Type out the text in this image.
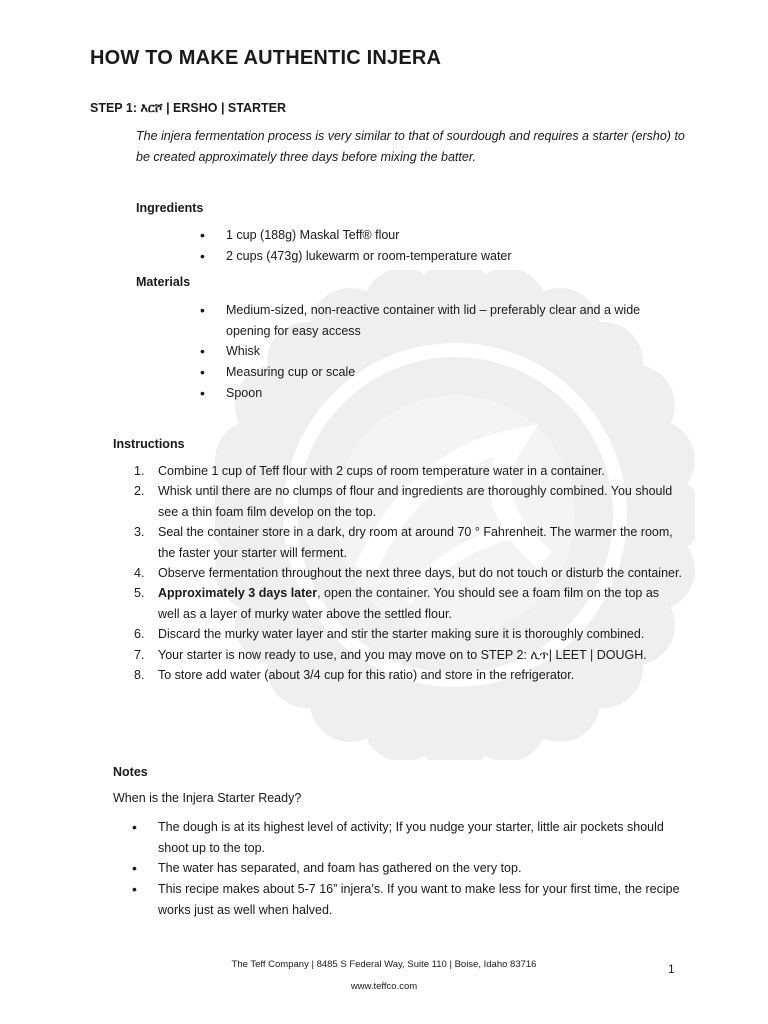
HOW TO MAKE AUTHENTIC INJERA
STEP 1: እርሾ | ERSHO | STARTER

The injera fermentation process is very similar to that of sourdough and requires a starter (ersho) to be created approximately three days before mixing the batter.

Ingredients
• 1 cup (188g) Maskal Teff® flour
• 2 cups (473g) lukewarm or room-temperature water
Materials
• Medium-sized, non-reactive container with lid – preferably clear and a wide opening for easy access
• Whisk
• Measuring cup or scale
• Spoon
Instructions
1. Combine 1 cup of Teff flour with 2 cups of room temperature water in a container.
2. Whisk until there are no clumps of flour and ingredients are thoroughly combined. You should see a thin foam film develop on the top.
3. Seal the container store in a dark, dry room at around 70 ° Fahrenheit. The warmer the room, the faster your starter will ferment.
4. Observe fermentation throughout the next three days, but do not touch or disturb the container.
5. Approximately 3 days later, open the container. You should see a foam film on the top as well as a layer of murky water above the settled flour.
6. Discard the murky water layer and stir the starter making sure it is thoroughly combined.
7. Your starter is now ready to use, and you may move on to STEP 2: ሊጥ| LEET | DOUGH.
8. To store add water (about 3/4 cup for this ratio) and store in the refrigerator.
Notes
When is the Injera Starter Ready?
• The dough is at its highest level of activity; If you nudge your starter, little air pockets should shoot up to the top.
• The water has separated, and foam has gathered on the very top.
• This recipe makes about 5-7 16” injera’s. If you want to make less for your first time, the recipe works just as well when halved.
The Teff Company | 8485 S Federal Way, Suite 110 | Boise, Idaho 83716
www.teffco.com
1
